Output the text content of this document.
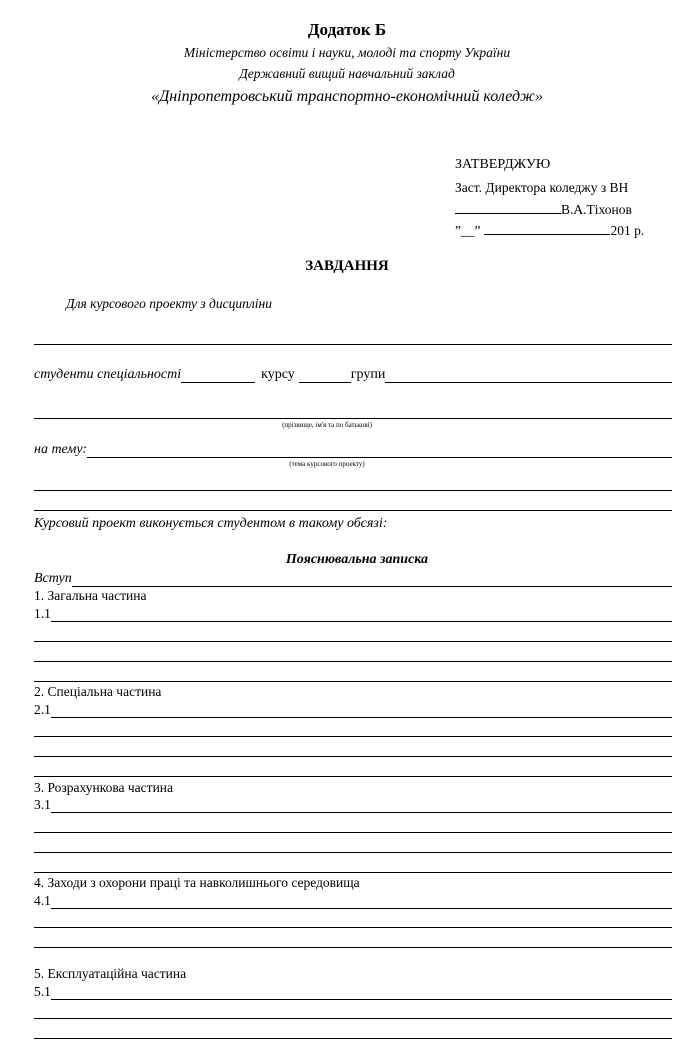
Додаток Б
Міністерство освіти і науки, молоді та спорту України
Державний вищий навчальний заклад
«Дніпропетровський транспортно-економічний коледж»
ЗАТВЕРДЖУЮ
Заст. Директора коледжу з ВН
В.А.Тіхонов
”__”	201 р.
ЗАВДАННЯ
Для курсового проекту з дисципліни
студенти спеціальності	курсу	групи
(прізвище, ім'я та по батькові)
на тему:
(тема курсового проекту)
Курсовий проект виконується студентом в такому обсязі:
Пояснювальна записка
Вступ
1. Загальна частина
1.1
2. Спеціальна частина
2.1
3. Розрахункова частина
3.1
4. Заходи з охорони праці та навколишнього середовища
4.1
5. Експлуатаційна частина
5.1
